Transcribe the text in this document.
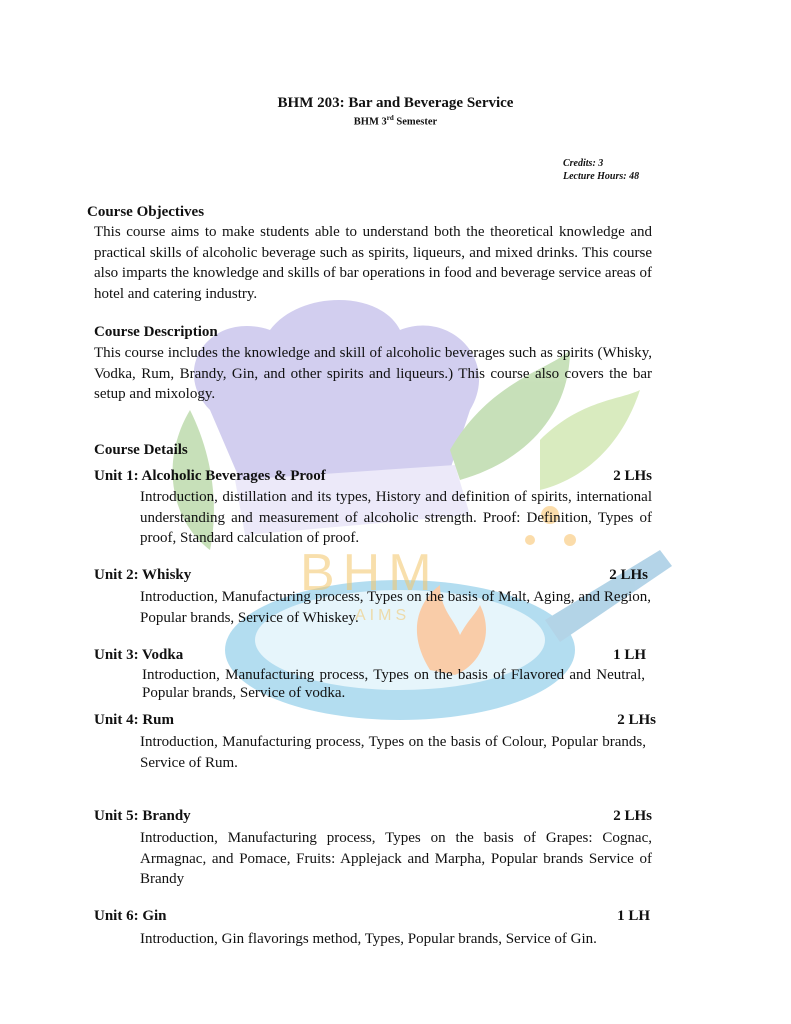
BHM
AIMS
BHM 203: Bar and Beverage Service
BHM 3rd Semester
Credits: 3
Lecture Hours: 48
Course Objectives
This course aims to make students able to understand both the theoretical knowledge and practical skills of alcoholic beverage such as spirits, liqueurs, and mixed drinks. This course also imparts the knowledge and skills of bar operations in food and beverage service areas of hotel and catering industry.
Course Description
This course includes the knowledge and skill of alcoholic beverages such as spirits (Whisky, Vodka, Rum, Brandy, Gin, and other spirits and liqueurs.) This course also covers the bar setup and mixology.
Course Details
Unit 1: Alcoholic Beverages & Proof	2 LHs
Introduction, distillation and its types, History and definition of spirits, international understanding and measurement of alcoholic strength. Proof: Definition, Types of proof, Standard calculation of proof.
Unit 2: Whisky	2 LHs
Introduction, Manufacturing process, Types on the basis of Malt, Aging, and Region, Popular brands, Service of Whiskey.
Unit 3: Vodka	1 LH
Introduction, Manufacturing process, Types on the basis of Flavored and Neutral, Popular brands, Service of vodka.
Unit 4: Rum	2 LHs
Introduction, Manufacturing process, Types on the basis of Colour, Popular brands, Service of Rum.
Unit 5: Brandy	2 LHs
Introduction, Manufacturing process, Types on the basis of Grapes: Cognac, Armagnac, and Pomace, Fruits: Applejack and Marpha, Popular brands Service of Brandy
Unit 6: Gin	1 LH
Introduction, Gin flavorings method, Types, Popular brands, Service of Gin.
